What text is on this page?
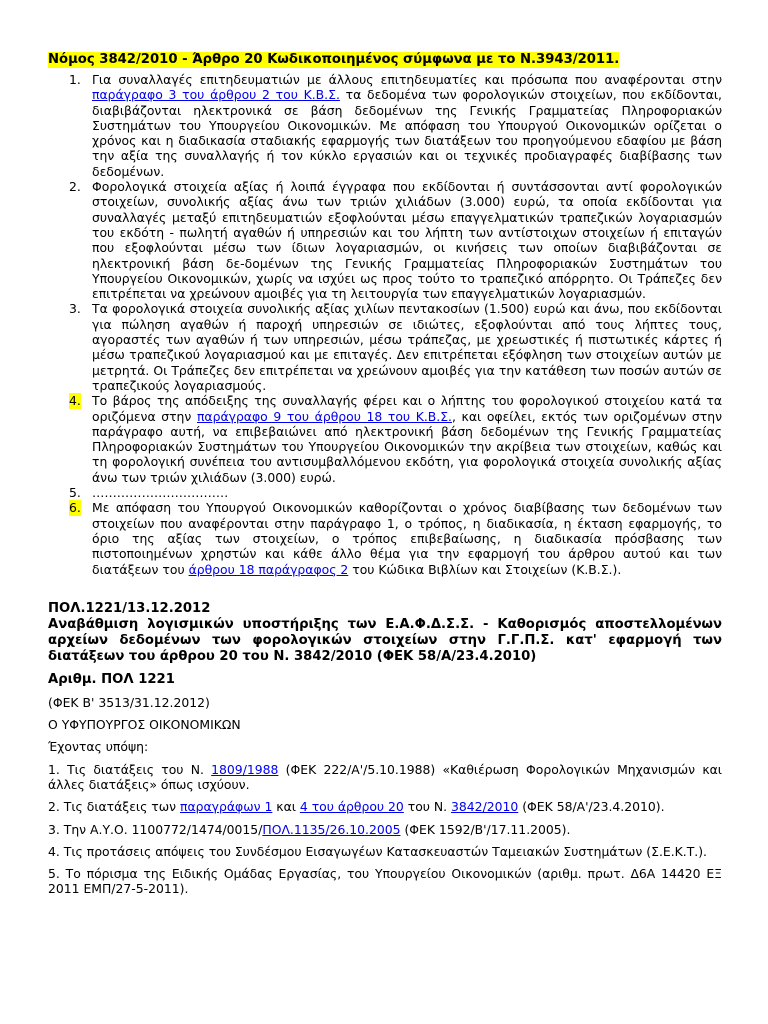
Νόμος 3842/2010 - Άρθρο 20 Κωδικοποιημένος σύμφωνα με το Ν.3943/2011.
1. Για συναλλαγές επιτηδευματιών με άλλους επιτηδευματίες και πρόσωπα που αναφέρονται στην παράγραφο 3 του άρθρου 2 του Κ.Β.Σ. τα δεδομένα των φορολογικών στοιχείων, που εκδίδονται, διαβιβάζονται ηλεκτρονικά σε βάση δεδομένων της Γενικής Γραμματείας Πληροφοριακών Συστημάτων του Υπουργείου Οικονομικών. Με απόφαση του Υπουργού Οικονομικών ορίζεται ο χρόνος και η διαδικασία σταδιακής εφαρμογής των διατάξεων του προηγούμενου εδαφίου με βάση την αξία της συναλλαγής ή τον κύκλο εργασιών και οι τεχνικές προδιαγραφές διαβίβασης των δεδομένων.
2. Φορολογικά στοιχεία αξίας ή λοιπά έγγραφα που εκδίδονται ή συντάσσονται αντί φορολογικών στοιχείων, συνολικής αξίας άνω των τριών χιλιάδων (3.000) ευρώ, τα οποία εκδίδονται για συναλλαγές μεταξύ επιτηδευματιών εξοφλούνται μέσω επαγγελματικών τραπεζικών λογαριασμών του εκδότη - πωλητή αγαθών ή υπηρεσιών και του λήπτη των αντίστοιχων στοιχείων ή επιταγών που εξοφλούνται μέσω των ίδιων λογαριασμών, οι κινήσεις των οποίων διαβιβάζονται σε ηλεκτρονική βάση δε-δομένων της Γενικής Γραμματείας Πληροφοριακών Συστημάτων του Υπουργείου Οικονομικών, χωρίς να ισχύει ως προς τούτο το τραπεζικό απόρρητο. Οι Τράπεζες δεν επιτρέπεται να χρεώνουν αμοιβές για τη λειτουργία των επαγγελματικών λογαριασμών.
3. Τα φορολογικά στοιχεία συνολικής αξίας χιλίων πεντακοσίων (1.500) ευρώ και άνω, που εκδίδονται για πώληση αγαθών ή παροχή υπηρεσιών σε ιδιώτες, εξοφλούνται από τους λήπτες τους, αγοραστές των αγαθών ή των υπηρεσιών, μέσω τράπεζας, με χρεωστικές ή πιστωτικές κάρτες ή μέσω τραπεζικού λογαριασμού και με επιταγές. Δεν επιτρέπεται εξόφληση των στοιχείων αυτών με μετρητά. Οι Τράπεζες δεν επιτρέπεται να χρεώνουν αμοιβές για την κατάθεση των ποσών αυτών σε τραπεζικούς λογαριασμούς.
4. Το βάρος της απόδειξης της συναλλαγής φέρει και ο λήπτης του φορολογικού στοιχείου κατά τα οριζόμενα στην παράγραφο 9 του άρθρου 18 του Κ.Β.Σ., και οφείλει, εκτός των οριζομένων στην παράγραφο αυτή, να επιβεβαιώνει από ηλεκτρονική βάση δεδομένων της Γενικής Γραμματείας Πληροφοριακών Συστημάτων του Υπουργείου Οικονομικών την ακρίβεια των στοιχείων, καθώς και τη φορολογική συνέπεια του αντισυμβαλλόμενου εκδότη, για φορολογικά στοιχεία συνολικής αξίας άνω των τριών χιλιάδων (3.000) ευρώ.
5. ……………………………
6. Με απόφαση του Υπουργού Οικονομικών καθορίζονται ο χρόνος διαβίβασης των δεδομένων των στοιχείων που αναφέρονται στην παράγραφο 1, ο τρόπος, η διαδικασία, η έκταση εφαρμογής, το όριο της αξίας των στοιχείων, ο τρόπος επιβεβαίωσης, η διαδικασία πρόσβασης των πιστοποιημένων χρηστών και κάθε άλλο θέμα για την εφαρμογή του άρθρου αυτού και των διατάξεων του άρθρου 18 παράγραφος 2 του Κώδικα Βιβλίων και Στοιχείων (Κ.Β.Σ.).
ΠΟΛ.1221/13.12.2012
Αναβάθμιση λογισμικών υποστήριξης των Ε.Α.Φ.Δ.Σ.Σ. - Καθορισμός αποστελλομένων αρχείων δεδομένων των φορολογικών στοιχείων στην Γ.Γ.Π.Σ. κατ' εφαρμογή των διατάξεων του άρθρου 20 του Ν. 3842/2010 (ΦΕΚ 58/Α/23.4.2010)
Αριθμ. ΠΟΛ 1221
(ΦΕΚ Β' 3513/31.12.2012)
Ο ΥΦΥΠΟΥΡΓΟΣ ΟΙΚΟΝΟΜΙΚΩΝ
Έχοντας υπόψη:
1. Τις διατάξεις του Ν. 1809/1988 (ΦΕΚ 222/Α'/5.10.1988) «Καθιέρωση Φορολογικών Μηχανισμών και άλλες διατάξεις» όπως ισχύουν.
2. Τις διατάξεις των παραγράφων 1 και 4 του άρθρου 20 του Ν. 3842/2010 (ΦΕΚ 58/Α'/23.4.2010).
3. Την Α.Υ.Ο. 1100772/1474/0015/ΠΟΛ.1135/26.10.2005 (ΦΕΚ 1592/Β'/17.11.2005).
4. Τις προτάσεις απόψεις του Συνδέσμου Εισαγωγέων Κατασκευαστών Ταμειακών Συστημάτων (Σ.Ε.Κ.Τ.).
5. Το πόρισμα της Ειδικής Ομάδας Εργασίας, του Υπουργείου Οικονομικών (αριθμ. πρωτ. Δ6Α 14420 ΕΞ 2011 ΕΜΠ/27-5-2011).
